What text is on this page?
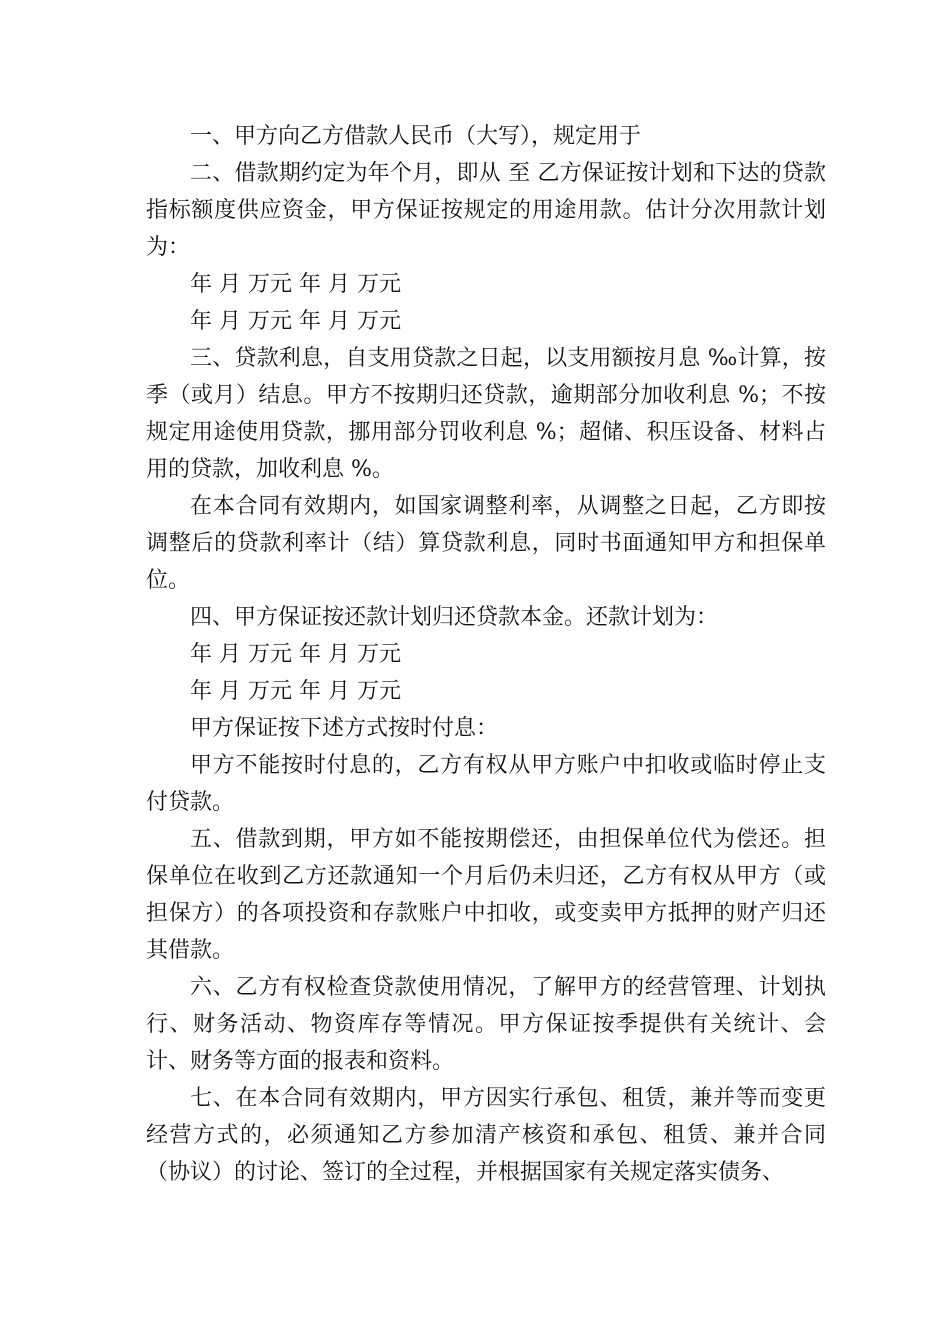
一、甲方向乙方借款人民币（大写），规定用于

二、借款期约定为年个月，即从 至 乙方保证按计划和下达的贷款指标额度供应资金，甲方保证按规定的用途用款。估计分次用款计划为：

年 月 万元 年 月 万元

年 月 万元 年 月 万元

三、贷款利息，自支用贷款之日起，以支用额按月息 ‰计算，按季（或月）结息。甲方不按期归还贷款，逾期部分加收利息 %；不按规定用途使用贷款，挪用部分罚收利息 %；超储、积压设备、材料占用的贷款，加收利息 %。

在本合同有效期内，如国家调整利率，从调整之日起，乙方即按调整后的贷款利率计（结）算贷款利息，同时书面通知甲方和担保单位。

四、甲方保证按还款计划归还贷款本金。还款计划为：

年 月 万元 年 月 万元

年 月 万元 年 月 万元

甲方保证按下述方式按时付息：

甲方不能按时付息的，乙方有权从甲方账户中扣收或临时停止支付贷款。

五、借款到期，甲方如不能按期偿还，由担保单位代为偿还。担保单位在收到乙方还款通知一个月后仍未归还，乙方有权从甲方（或担保方）的各项投资和存款账户中扣收，或变卖甲方抵押的财产归还其借款。

六、乙方有权检查贷款使用情况，了解甲方的经营管理、计划执行、财务活动、物资库存等情况。甲方保证按季提供有关统计、会计、财务等方面的报表和资料。

七、在本合同有效期内，甲方因实行承包、租赁，兼并等而变更经营方式的，必须通知乙方参加清产核资和承包、租赁、兼并合同（协议）的讨论、签订的全过程，并根据国家有关规定落实债务、
